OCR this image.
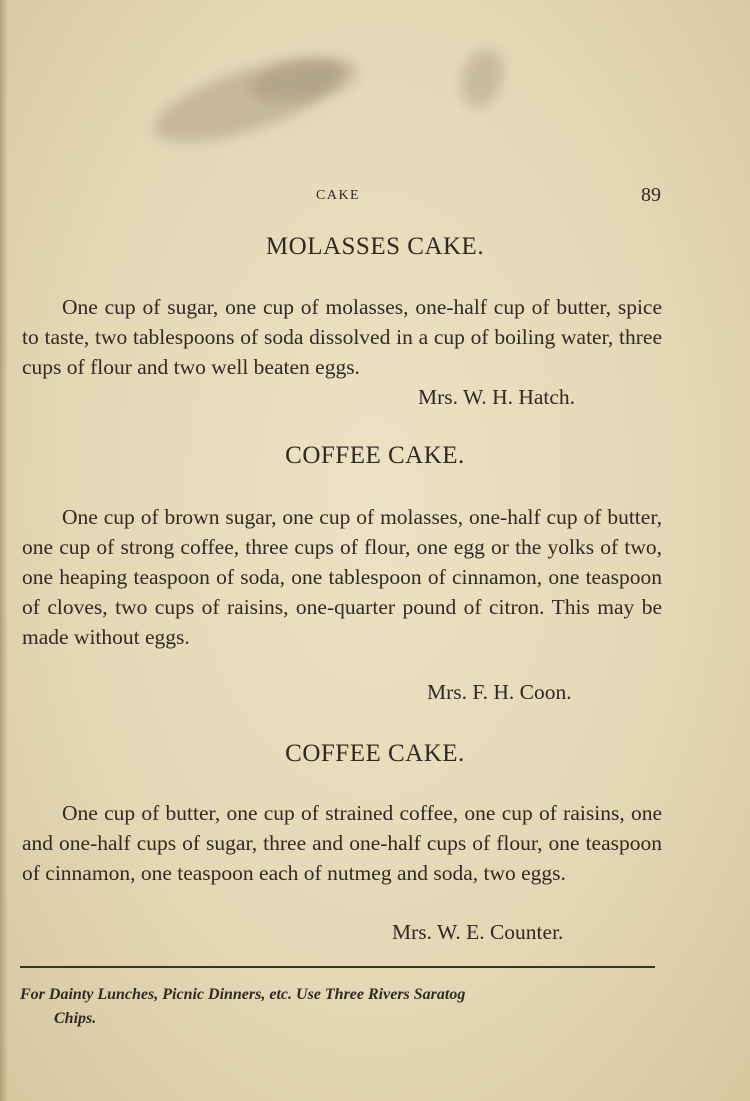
CAKE	89
MOLASSES CAKE.

One cup of sugar, one cup of molasses, one-half cup of butter, spice to taste, two tablespoons of soda dissolved in a cup of boiling water, three cups of flour and two well beaten eggs.

Mrs. W. H. Hatch.

COFFEE CAKE.

One cup of brown sugar, one cup of molasses, one-half cup of butter, one cup of strong coffee, three cups of flour, one egg or the yolks of two, one heaping teaspoon of soda, one tablespoon of cinnamon, one teaspoon of cloves, two cups of raisins, one-quarter pound of citron. This may be made without eggs.

Mrs. F. H. Coon.

COFFEE CAKE.

One cup of butter, one cup of strained coffee, one cup of raisins, one and one-half cups of sugar, three and one-half cups of flour, one teaspoon of cinnamon, one teaspoon each of nutmeg and soda, two eggs.

Mrs. W. E. Counter.

For Dainty Lunches, Picnic Dinners, etc. Use Three Rivers Saratog
Chips.
